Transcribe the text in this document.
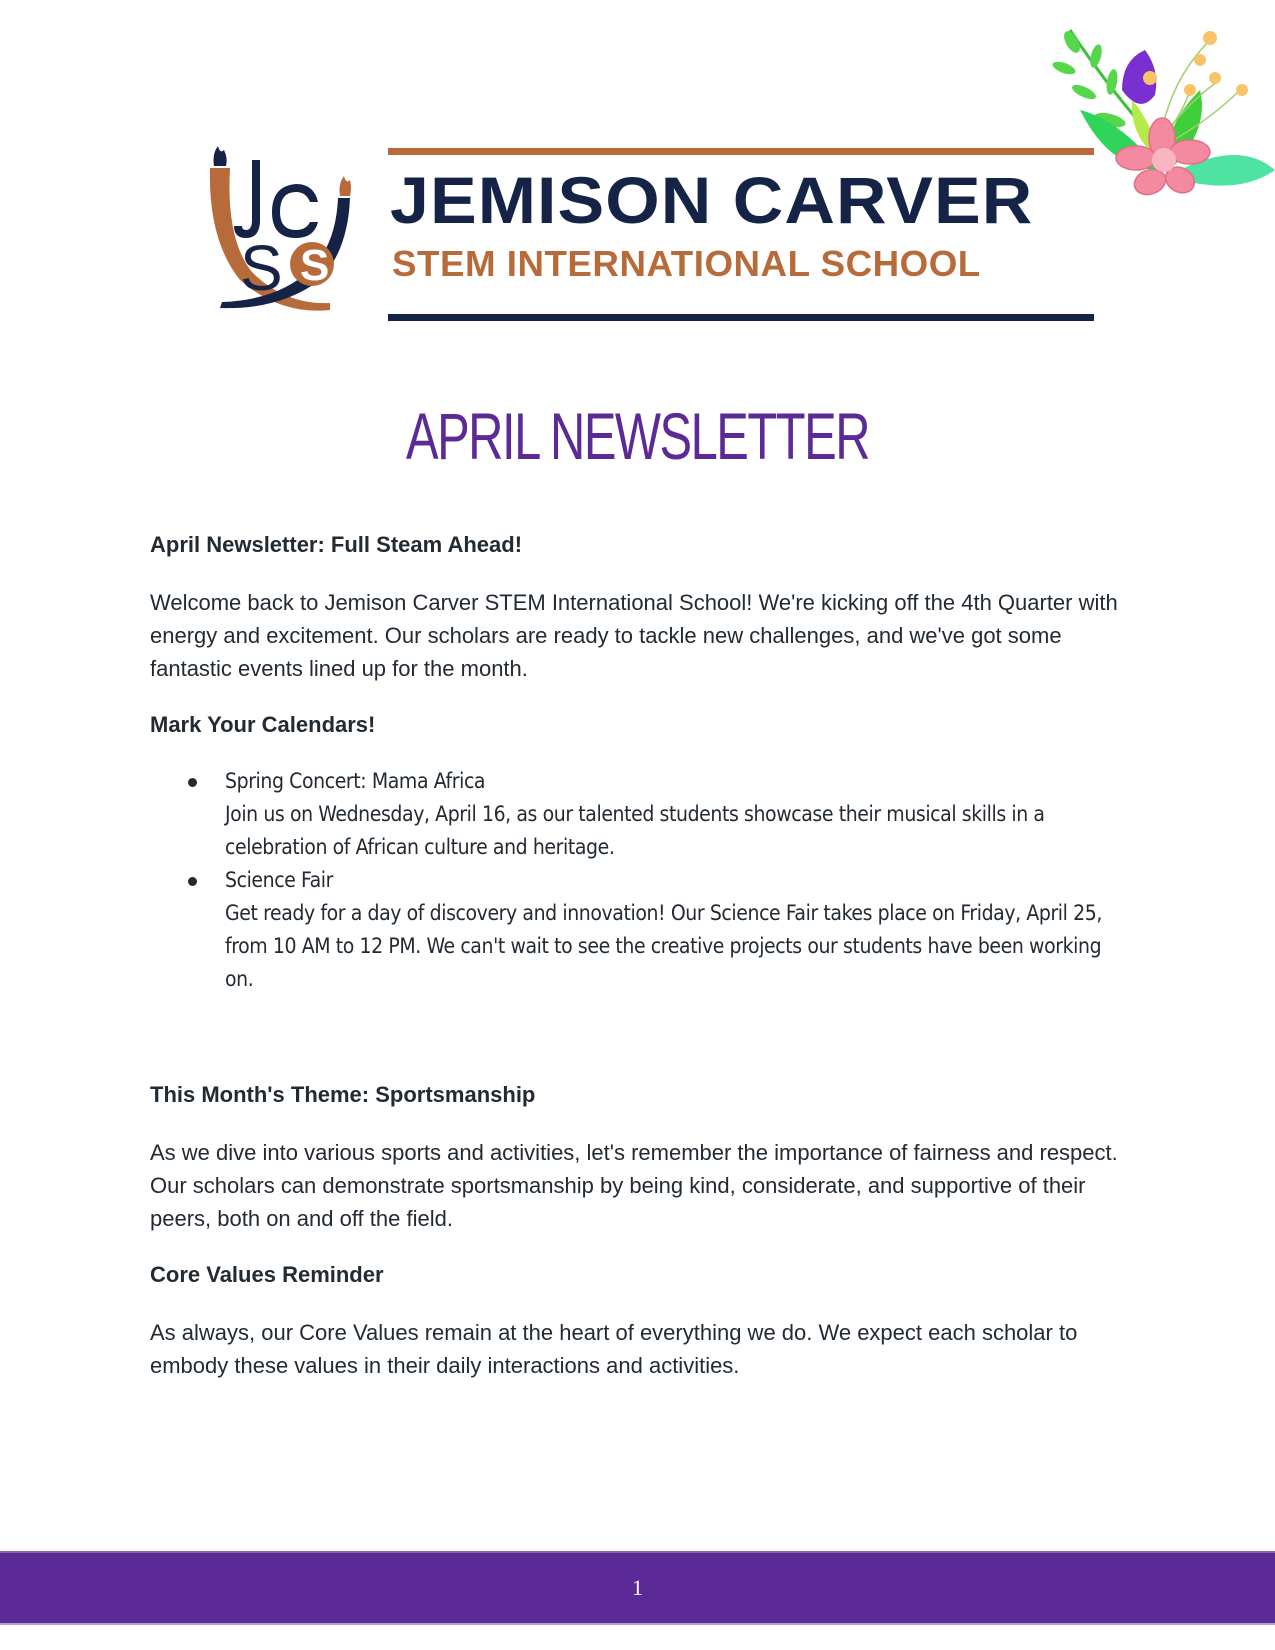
S S
JEMISON CARVER
STEM INTERNATIONAL SCHOOL
APRIL NEWSLETTER
April Newsletter: Full Steam Ahead!

Welcome back to Jemison Carver STEM International School! We're kicking off the 4th Quarter with energy and excitement. Our scholars are ready to tackle new challenges, and we've got some fantastic events lined up for the month.

Mark Your Calendars!
Spring Concert: Mama Africa
Join us on Wednesday, April 16, as our talented students showcase their musical skills in a celebration of African culture and heritage.
Science Fair
Get ready for a day of discovery and innovation! Our Science Fair takes place on Friday, April 25, from 10 AM to 12 PM. We can't wait to see the creative projects our students have been working on.
This Month's Theme: Sportsmanship

As we dive into various sports and activities, let's remember the importance of fairness and respect. Our scholars can demonstrate sportsmanship by being kind, considerate, and supportive of their peers, both on and off the field.

Core Values Reminder

As always, our Core Values remain at the heart of everything we do. We expect each scholar to embody these values in their daily interactions and activities.

1
